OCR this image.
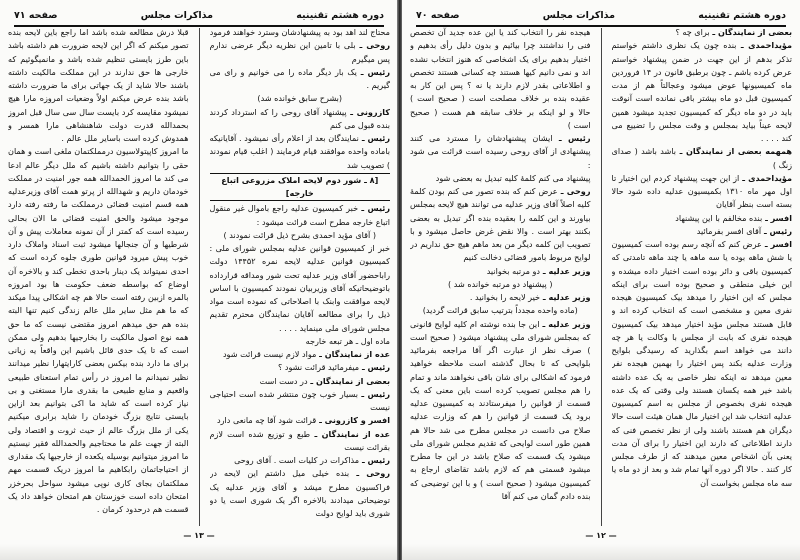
دوره هشتم تقنینیه
مذاکرات مجلس
صفحه ۷۱

محتاج لند اهد بود به پیشنهادشان وسترد خواهند فرمود

روحی ـ بلی با تامین این نظریه دیگر عرضی ندارم پس میگیرم

رئیس ـ یک بار دیگر ماده را می خوانیم و رای می گیریم .

(بشرح سابق خوانده شد)

کازرونی ـ پیشنهاد آقای روحی را که استرداد کردند بنده قبول می کنم

رئیس ـ نمایندگان بعد از اعلام رأی نمیشود . آقایانیکه باماده واحده موافقند قیام فرمایند ( اغلب قیام نمودند ) تصویب شد

[۸ ـ شور دوم لایحه املاک مزروعی اتباع خارجه]

رئیس ـ خبر کمیسیون عدلیه راجع باموال غیر منقول اتباع خارجه مطرح است قرائت میشود :

( آقای مؤید احمدی بشرح ذیل قرائت نمودند )

خبر از کمیسیون قوانین عدلیه بمجلس شورای ملی : کمیسیون قوانین عدلیه لایحه نمره ۱۴۴۵۲ دولت راباحضور آقای وزیر عدلیه تحت شور ومداقه قرارداده باتوضیحاتیکه آقای وزیربیان نمودند کمیسیون با اساس لایحه موافقت وابنک با اصلاحاتی که نموده است مواد ذیل را برای مطالعه آقایان نمایندگان محترم تقدیم مجلس شورای ملی مینماید . . . .

ماده اول ـ هر تبعه خارجه

عده از نمایندگان ـ مواد لازم نیست قرائت شود

رئیس ـ میفرمائید قرائت نشود ؟

بعضی از نمایندگان ـ در دست است

رئیس ـ بسیار خوب چون منتشر شده است احتیاجی نیست

افسر و کازرونی ـ قرائت شود آقا چه مانعی دارد

عده از نمایندگان ـ طبع و توزیع شده است لازم بقرائت نیست

رئیس ـ مذاکرات در کلیات است . آقای روحی

روحی ـ بنده خیلی میل داشتم این لایحه در فراکسیون مطرح میشد و آقای وزیر عدلیه یک توضیحاتی میدادند بالاخره اگر یک شوری است یا دو شوری باید لوایح دولت

قبلا درش مطالعه شده باشد اما راجع باین لایحه بنده تصور میکنم که اگر این لایحه ضرورت هم داشته باشد باین طرز بایستی تنظیم شده باشد و مانمیگوئیم که خارجی ها حق ندارند در این مملکت مالکیت داشته باشند حالا شاید از یک جهاتی برای ما ضرورت داشته باشد بنده عرض میکنم اولاً وضعیات امروزه مارا هیچ نمیشود مقایسه کرد بایست سال سی سال قبل امروز بحمدالله قدرت دولت شاهنشاهی مارا همسر و همدوش کرده است باسایر ملل عالم .

ما امروز کاپیتولاسیون درمملکتمان ملغی است و همان حقی را بتوانیم داشته باشیم که ملل دیگر عالم ادعا می کند ما امروز الحمدالله همه جور امنیت در مملکت خودمان داریم و شهدالله از پرتو همت آقای وزیرعدلیه همه قسم امنیت قضائی درمملکت ما رفته رفته دارد موجود میشود والحق امنیت قضائی ما الان بحالی رسیده است که کمتر از آن نمونه معاملات پیش و آن شرطیها و آن جنجالها میشود ثبت اسناد واملاک دارد خوب پیش میرود قوانین طوری جلوه کرده است که احدی نمیتواند یک دینار باحدی تخطی کند و بالاخره آن اوضاع که بواسطه ضعف حکومت ها بود امروزه بالمره ازبین رفته است حالا هم چه اشکالی پیدا میکند که ما هم مثل سایر ملل عالم زندگی کنیم تنها البته بنده هم حق میدهم امروز مقتضی نیست که ما حق همه نوع اصول مالکیت را بخارجیها بدهیم ولی ممکن است که تا یک حدی قائل باشیم این واقعاً یه زیانی برای ما دارد بنده بیکس بعضی کارایتهارا نظیر میدانند نظیر نمیدانم ما امروز در رأس تمام استعنای طبیعی واقعیم و منابع طبیعی ما بقدری مارا مستغنی و بی نیاز کرده است که شاید ما اکی بتوانیم بعد ازاین بایستی نتایج بزرگ خودمان را شاید برابری میکنیم یکی از ملل بزرگ عالم از حیث ثروت و اقتصاد ولی البته از جهت علم ما محتاجیم والحمدالله فقیر نیستیم ما امروز میتوانیم بوسیله یکعده از خارجیها یک مقداری از احتیاجاتمان رابکاهیم ما امروز دریک قسمت مهم مملکتمان بجای کاری نوپی میشود سواحل بحرخزر امتحان داده است خوزستان هم امتحان خواهد داد یک قسمت هم درحدود کرمان .

— ۱۳ —
دوره هشتم تقنینیه
مذاکرات مجلس
صفحه ۷۰

بعضی از نمایندگان ـ برای چه ؟

مؤیداحمدی ـ بنده چون یک نظری داشتم خواستم تذکر بدهم از این جهت در ضمن پیشنهاد خواستم عرض کرده باشم ـ چون برطبق قانون در ۱۴ فروردین ماه کمیسیونها عوض میشود وعجالتاً هم از مدت کمیسیون قبل دو ماه بیشتر باقی نمانده است آنوقت باید در دو ماه دیگر که کمیسیون تجدید میشود همین لایحه عیناً بیاید بمجلس و وقت مجلس را تضییع می کند . . . .

همهمه بعضی از نمایندگان ـ باشد باشد ( صدای زنگ )

مؤیداحمدی ـ از این جهت پیشنهاد کردم این اختیار تا اول مهر ماه ۱۳۱۰ بکمیسیون عدلیه داده شود حالا بسته است بنظر آقایان

افسر ـ بنده مخالفم با این پیشنهاد

رئیس ـ آقای افسر بفرمائید

افسر ـ عرض کنم که آنچه رسم بوده است کمیسیون یا شش ماهه بوده یا سه ماهه یا چند ماهه تامدتی که کمیسیون باقی و دائر بوده است اختیار داده میشده و این خیلی منطقی و صحیح بوده است برای اینکه مجلس که این اختیار را میدهد بیک کمیسیون هیجده نفری معین و مشخصی است که انتخاب کرده اند و قابل هستند مجلس مؤبد اختیار میدهد بیک کمیسیون هیجده نفری که بابت از مجلس با وکالت یا هر چه دانند می خواهد اسم بگذارید که رسیدگی بلوایح وزارت عدلیه بکند پس اختیار را بهمین هیجده نفر معین میدهد نه اینکه نظر خاصی به یک عده داشته باشد خیر همه یکسان هستند ولی وقتی که یک عده هیجده نفری بخصوص از مجلس به اسم کمیسیون عدلیه انتخاب شد این اختیار مال همان هیئت است حالا دیگران هم هستند باشند ولی از نظر تخصص فنی که دارند اطلاعاتی که دارند این اختیار را برای آن مدت یعنی بآن اشخاص معین میدهند که از طرف مجلس کار کنند . حالا اگر دوره آنها تمام شد و بعد از دو ماه یا سه ماه مجلس بخواست آن

هیجده نفر را انتخاب کند یا این عده جدید آن تخصص فنی را نداشتند چرا بیائیم و بدون دلیل رأی بدهیم و اختیار بدهیم برای یک اشخاصی که هنوز انتخاب نشده اند و نمی دانیم کیها هستند چه کسانی هستند تخصص و اطلاعاتی بقدر لازم دارند یا نه ؟ پس این کار به عقیده بنده بر خلاف مصلحت است ( صحیح است ) حالا و لو اینکه بر خلاف سابقه هم هست ( صحیح است )

رئیس ـ ایشان پیشنهادشان را مسترد می کنند پیشنهادی از آقای روحی رسیده است قرائت می شود :

پیشنهاد می کنم کلمهٔ کلیه تبدیل به بعضی شود

روحی ـ عرض کنم که بنده تصور می کنم بودن کلمهٔ کلیه اصلاً آقای وزیر عدلیه می توانند هیچ لایحه بمجلس بیاورند و این کلمه را بعقیده بنده اگر تبدیل به بعضی بکنند بهتر است . والا نقض غرض حاصل میشود و با تصویب این کلمه دیگر من بعد ماهم هیچ حق نداریم در لوایح مربوط بامور قضائی دخالت کنیم

وزیر عدلیه ـ دو مرتبه بخوانید

( پیشنهاد دو مرتبه خوانده شد )

وزیر عدلیه ـ خیر لایحه را بخوانید .

(ماده واحده مجدداً بترتیب سابق قرائت گردید)

وزیر عدلیه ـ این جا بنده نوشته ام کلیه لوایح قانونی که بمجلس شورای ملی پیشنهاد میشود ( صحیح است ) صرف نظر از عبارت اگر آقا مراجعه بفرمائید بلوایحی که تا بحال گذشته است ملاحظه خواهید فرمود که اشکالی برای شان باقی نخواهند ماند و تمام را هم مجلس تصویب کرده است باین معنی که یک قسمت از قوانین را میفرستادند به کمیسیون عدلیه برود یک قسمت از قوانین را هم که وزارت عدلیه صلاح می دانست در مجلس مطرح می شد حالا هم همین طور است لوایحی که تقدیم مجلس شورای ملی میشود یک قسمت که صلاح باشد در این جا مطرح میشود قسمتی هم که لازم باشد تقاضای ارجاع به کمیسیون میشود ( صحیح است ) و با این توضیحی که بنده دادم گمان می کنم آقا

— ۱۲ —
